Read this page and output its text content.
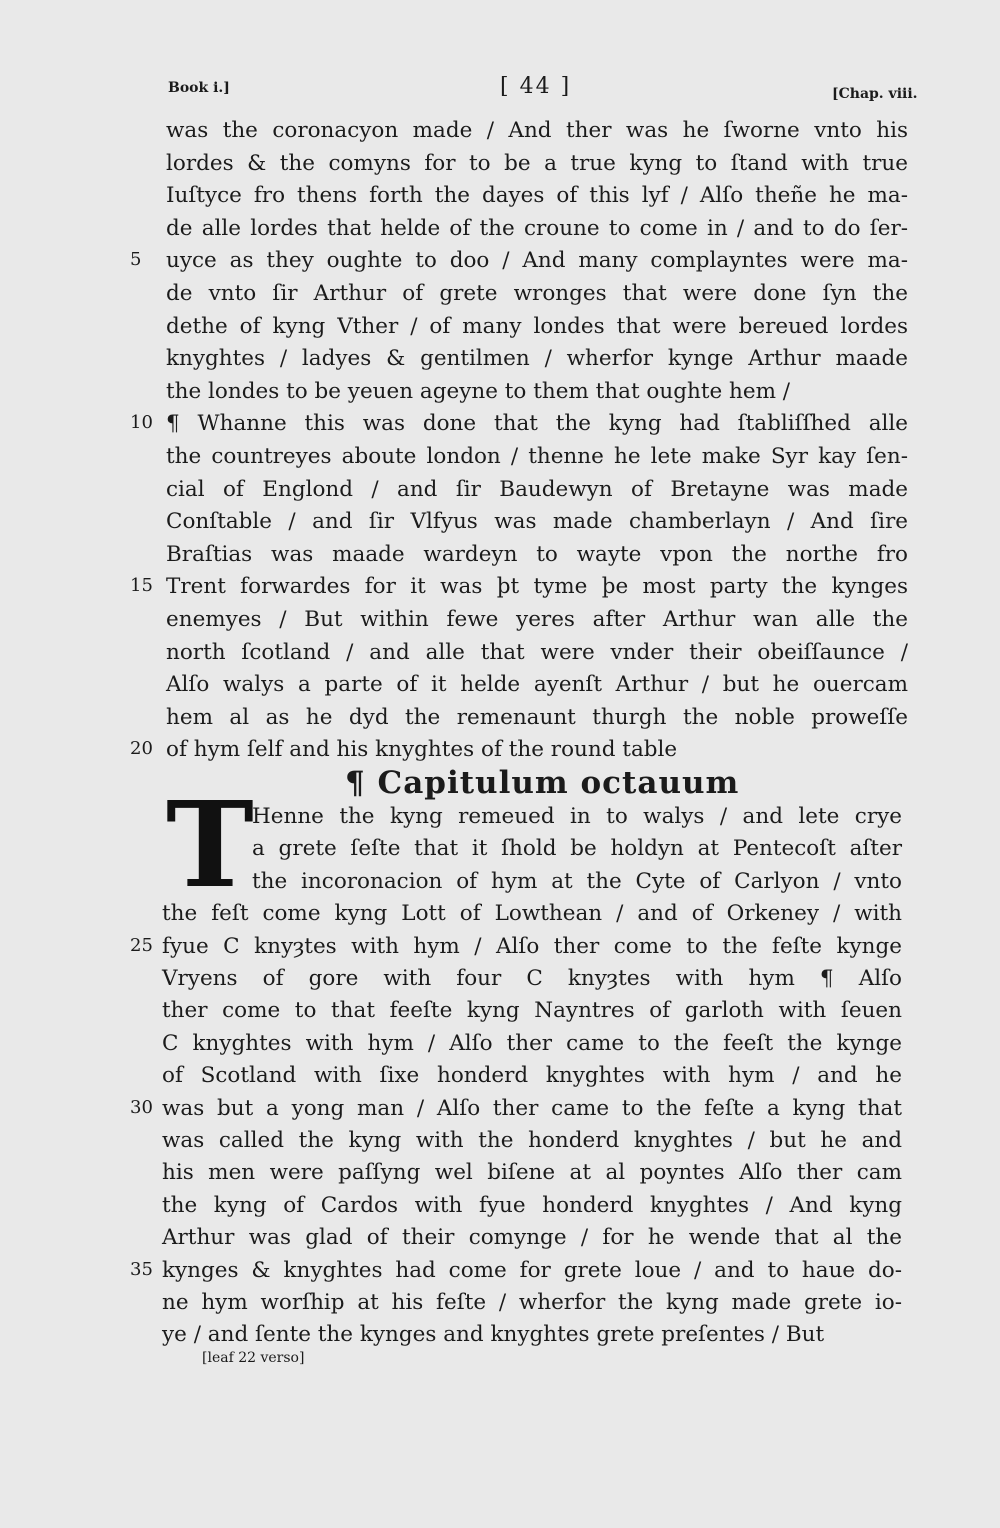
Book i.]	[ 44 ]	[Chap. viii.
¶ Capitulum octauum
T
[leaf 22 verso]
was the coronacyon made / And ther was he ſworne vnto his
lordes & the comyns for to be a true kyng to ſtand with true
Iuſtyce fro thens forth the dayes of this lyf / Alſo theñe he ma-
de alle lordes that helde of the croune to come in / and to do ſer-
uyce as they oughte to doo / And many complayntes were ma-
de vnto ſir Arthur of grete wronges that were done ſyn the
dethe of kyng Vther / of many londes that were bereued lordes
knyghtes / ladyes & gentilmen / wherfor kynge Arthur maade
the londes to be yeuen ageyne to them that oughte hem /
¶ Whanne this was done that the kyng had ſtabliſſhed alle
the countreyes aboute london / thenne he lete make Syr kay ſen-
cial of Englond / and ſir Baudewyn of Bretayne was made
Conſtable / and ſir Vlfyus was made chamberlayn / And ſire
Braſtias was maade wardeyn to wayte vpon the northe fro
Trent forwardes for it was þt tyme þe most party the kynges
enemyes / But within fewe yeres after Arthur wan alle the
north ſcotland / and alle that were vnder their obeiſſaunce /
Alſo walys a parte of it helde ayenſt Arthur / but he ouercam
hem al as he dyd the remenaunt thurgh the noble proweſſe
of hym ſelf and his knyghtes of the round table
Henne the kyng remeued in to walys / and lete crye
a grete ſeſte that it ſhold be holdyn at Pentecoſt aſter
the incoronacion of hym at the Cyte of Carlyon / vnto
the feſt come kyng Lott of Lowthean / and of Orkeney / with
fyue C knyȝtes with hym / Alſo ther come to the feſte kynge
Vryens of gore with four C knyȝtes with hym ¶ Alſo
ther come to that feeſte kyng Nayntres of garloth with ſeuen
C knyghtes with hym / Alſo ther came to the feeſt the kynge
of Scotland with ſixe honderd knyghtes with hym / and he
was but a yong man / Alſo ther came to the feſte a kyng that
was called the kyng with the honderd knyghtes / but he and
his men were paſſyng wel biſene at al poyntes Alſo ther cam
the kyng of Cardos with fyue honderd knyghtes / And kyng
Arthur was glad of their comynge / for he wende that al the
kynges & knyghtes had come for grete loue / and to haue do-
ne hym worſhip at his feſte / wherfor the kyng made grete io-
ye / and ſente the kynges and knyghtes grete preſentes / But
5
10
15
20
25
30
35
